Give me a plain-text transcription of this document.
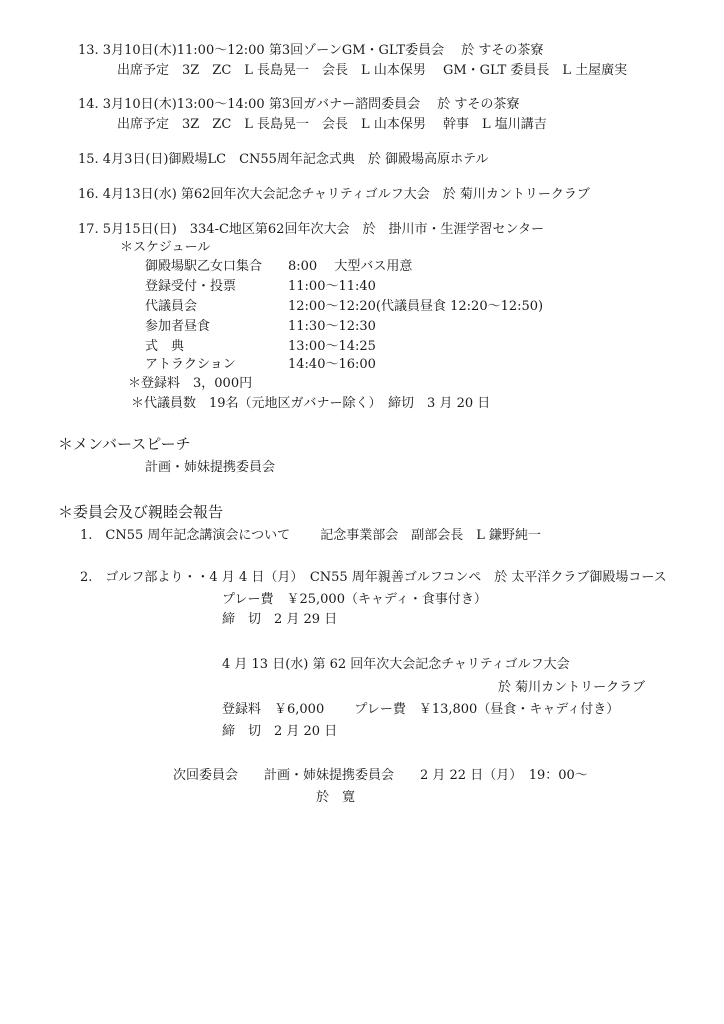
13. 3月10日(木)11:00～12:00 第3回ゾーンGM・GLT委員会　 於 すその茶寮
出席予定　3Z　ZC　L 長島晃一　会長　L 山本保男　 GM・GLT 委員長　L 土屋廣実
14. 3月10日(木)13:00～14:00 第3回ガバナー諮問委員会　 於 すその茶寮
出席予定　3Z　ZC　L 長島晃一　会長　L 山本保男　 幹事　L 塩川講吉
15. 4月3日(日)御殿場LC　CN55周年記念式典　於 御殿場高原ホテル
16. 4月13日(水) 第62回年次大会記念チャリティゴルフ大会　於 菊川カントリークラブ
17. 5月15日(日)　334-C地区第62回年次大会　於　掛川市・生涯学習センター
＊スケジュール
御殿場駅乙女口集合 8:00　 大型バス用意
登録受付・投票	11:00～11:40
代議員会	12:00～12:20(代議員昼食 12:20～12:50)
参加者昼食	11:30～12:30
式　典	13:00～14:25
アトラクション	14:40～16:00
＊登録料　3，000円
＊代議員数　19名（元地区ガバナー除く）　締切　3 月 20 日
＊メンバースピーチ
計画・姉妹提携委員会
＊委員会及び親睦会報告
1.　CN55 周年記念講演会について　　 記念事業部会　副部会長　L 鎌野純一
2.　ゴルフ部より・・4 月 4 日（月）　CN55 周年親善ゴルフコンペ　於 太平洋クラブ御殿場コース
プレー費　￥25,000（キャディ・食事付き）
締　切　2 月 29 日
4 月 13 日(水) 第 62 回年次大会記念チャリティゴルフ大会
於 菊川カントリークラブ
登録料　￥6,000　　 プレー費　￥13,800（昼食・キャディ付き）
締　切　2 月 20 日
次回委員会　　計画・姉妹提携委員会　　2 月 22 日（月）　19：00～
於　寛
